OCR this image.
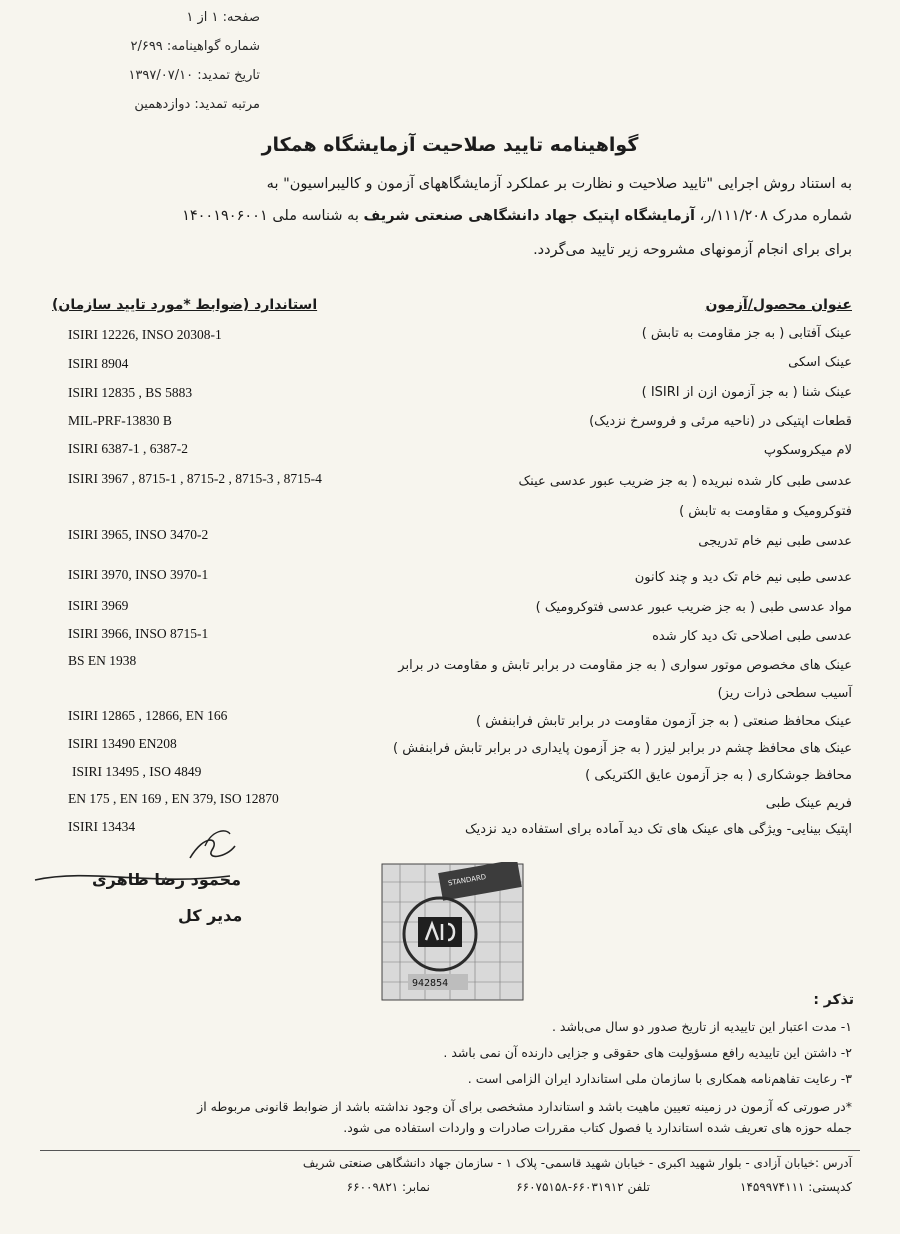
صفحه: ۱ از ۱
شماره گواهینامه: ۲/۶۹۹
تاریخ تمدید: ۱۳۹۷/۰۷/۱۰
مرتبه تمدید: دوازدهمین
گواهینامه تایید صلاحیت آزمایشگاه همکار
به استناد روش اجرایی "تایید صلاحیت و نظارت بر عملکرد آزمایشگاههای آزمون و کالیبراسیون" به
شماره مدرک ۱۱۱/۲۰۸/ر، آزمایشگاه اپتیک جهاد دانشگاهی صنعتی شریف به شناسه ملی ۱۴۰۰۱۹۰۶۰۰۱
برای برای انجام آزمونهای مشروحه زیر تایید می‌گردد.
استاندارد (ضوابط *مورد تایید سازمان)	عنوان محصول/آزمون
ISIRI 12226, INSO 20308-1
ISIRI 8904
ISIRI 12835 , BS 5883
MIL-PRF-13830 B
ISIRI 6387-1 , 6387-2
ISIRI 3967 , 8715-1 , 8715-2 , 8715-3 , 8715-4
ISIRI 3965, INSO 3470-2
ISIRI 3970, INSO 3970-1
ISIRI 3969
ISIRI 3966, INSO 8715-1
BS EN 1938
ISIRI 12865 , 12866, EN 166
ISIRI 13490 EN208
ISIRI 13495 , ISO 4849
EN 175 , EN 169 , EN 379, ISO 12870
ISIRI 13434
عینک آفتابی ( به جز مقاومت به تابش )
عینک اسکی
عینک شنا ( به جز آزمون ازن از ISIRI )
قطعات اپتیکی در (ناحیه مرئی و فروسرخ نزدیک)
لام میکروسکوپ
عدسی طبی کار شده نبریده ( به جز ضریب عبور عدسی عینک
فتوکرومیک و مقاومت به تابش )
عدسی طبی نیم خام تدریجی
عدسی طبی نیم خام تک دید و چند کانون
مواد عدسی طبی ( به جز ضریب عبور عدسی فتوکرومیک )
عدسی طبی اصلاحی تک دید کار شده
عینک های مخصوص موتور سواری ( به جز مقاومت در برابر تابش و مقاومت در برابر
آسیب سطحی ذرات ریز)
عینک محافظ صنعتی ( به جز آزمون مقاومت در برابر تابش فرابنفش )
عینک های محافظ چشم در برابر لیزر ( به جز آزمون پایداری در برابر تابش فرابنفش )
محافظ جوشکاری ( به جز آزمون عایق الکتریکی )
فریم عینک طبی
اپتیک بینایی- ویژگی های عینک های تک دید آماده برای استفاده دید نزدیک
محمود رضا طاهری
مدیر کل
STANDARD
942854
تذکر :
۱- مدت اعتبار این تاییدیه از تاریخ صدور دو سال می‌باشد .
۲- داشتن این تاییدیه رافع مسؤولیت های حقوقی و جزایی دارنده آن نمی باشد .
۳- رعایت تفاهم‌نامه همکاری با سازمان ملی استاندارد ایران الزامی است .
*در صورتی که آزمون در زمینه تعیین ماهیت باشد و استاندارد مشخصی برای آن وجود نداشته باشد از ضوابط قانونی مربوطه از
جمله حوزه های تعریف شده استاندارد یا فصول کتاب مقررات صادرات و واردات استفاده می شود.
آدرس :خیابان آزادی - بلوار شهید اکبری - خیابان شهید قاسمی- پلاک ۱ - سازمان جهاد دانشگاهی صنعتی شریف
کدپستی: ۱۴۵۹۹۷۴۱۱۱
تلفن ۶۶۰۳۱۹۱۲-۶۶۰۷۵۱۵۸
نمابر: ۶۶۰۰۹۸۲۱
